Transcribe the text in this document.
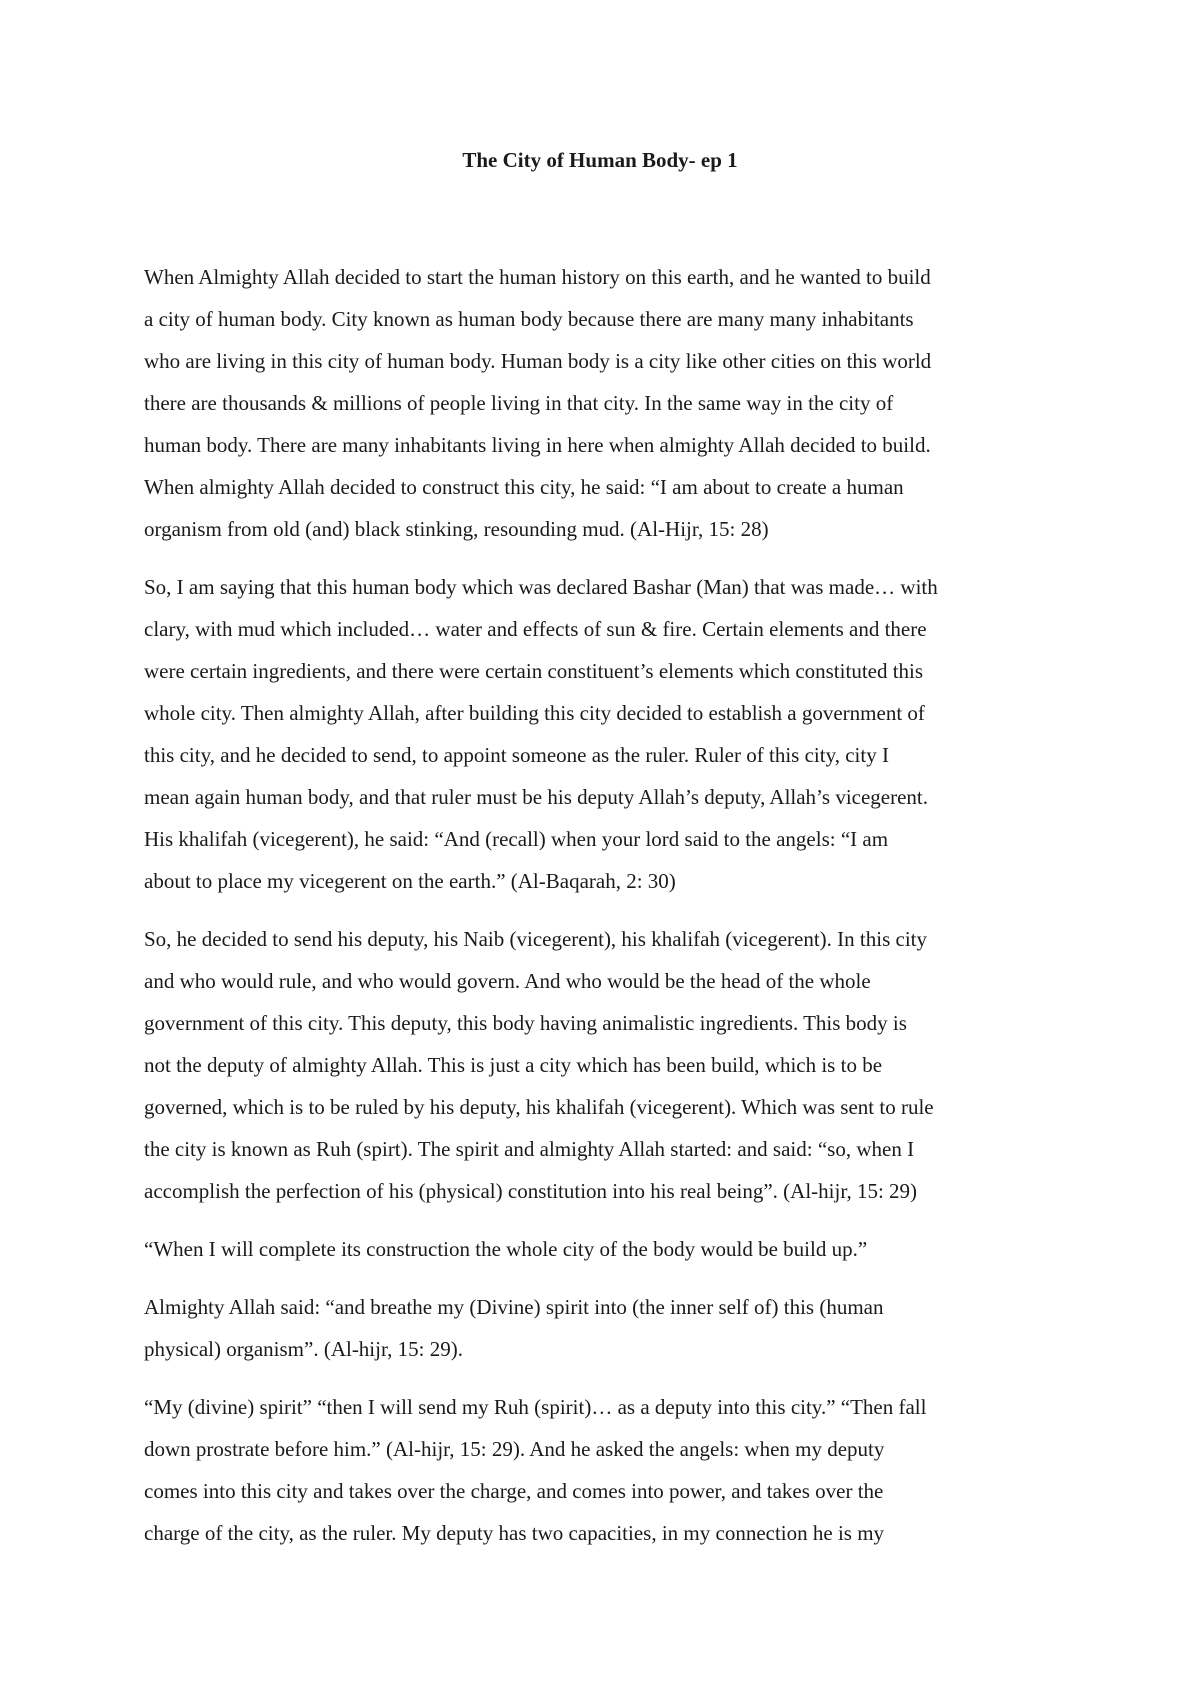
The City of Human Body- ep 1

When Almighty Allah decided to start the human history on this earth, and he wanted to build
a city of human body. City known as human body because there are many many inhabitants
who are living in this city of human body. Human body is a city like other cities on this world
there are thousands & millions of people living in that city. In the same way in the city of
human body. There are many inhabitants living in here when almighty Allah decided to build.
When almighty Allah decided to construct this city, he said: “I am about to create a human
organism from old (and) black stinking, resounding mud. (Al-Hijr, 15: 28)

So, I am saying that this human body which was declared Bashar (Man) that was made… with
clary, with mud which included… water and effects of sun & fire. Certain elements and there
were certain ingredients, and there were certain constituent’s elements which constituted this
whole city. Then almighty Allah, after building this city decided to establish a government of
this city, and he decided to send, to appoint someone as the ruler. Ruler of this city, city I
mean again human body, and that ruler must be his deputy Allah’s deputy, Allah’s vicegerent.
His khalifah (vicegerent), he said: “And (recall) when your lord said to the angels: “I am
about to place my vicegerent on the earth.” (Al-Baqarah, 2: 30)

So, he decided to send his deputy, his Naib (vicegerent), his khalifah (vicegerent). In this city
and who would rule, and who would govern. And who would be the head of the whole
government of this city. This deputy, this body having animalistic ingredients. This body is
not the deputy of almighty Allah. This is just a city which has been build, which is to be
governed, which is to be ruled by his deputy, his khalifah (vicegerent). Which was sent to rule
the city is known as Ruh (spirt). The spirit and almighty Allah started: and said: “so, when I
accomplish the perfection of his (physical) constitution into his real being”. (Al-hijr, 15: 29)

“When I will complete its construction the whole city of the body would be build up.”

Almighty Allah said: “and breathe my (Divine) spirit into (the inner self of) this (human
physical) organism”. (Al-hijr, 15: 29).

“My (divine) spirit” “then I will send my Ruh (spirit)… as a deputy into this city.” “Then fall
down prostrate before him.” (Al-hijr, 15: 29). And he asked the angels: when my deputy
comes into this city and takes over the charge, and comes into power, and takes over the
charge of the city, as the ruler. My deputy has two capacities, in my connection he is my
